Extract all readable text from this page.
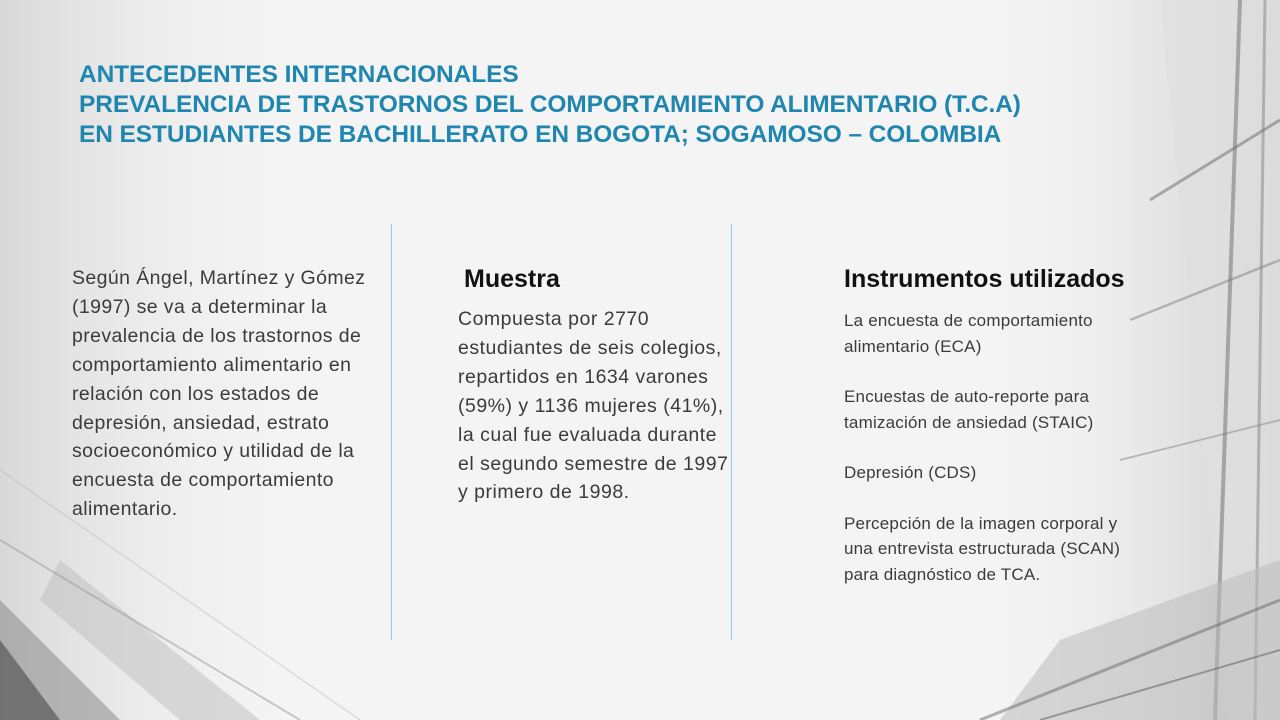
ANTECEDENTES INTERNACIONALES
PREVALENCIA DE TRASTORNOS DEL COMPORTAMIENTO ALIMENTARIO (T.C.A)
EN ESTUDIANTES DE BACHILLERATO EN BOGOTA; SOGAMOSO – COLOMBIA

Según Ángel, Martínez y Gómez (1997) se va a determinar la prevalencia de los trastornos de comportamiento alimentario en relación con los estados de depresión, ansiedad, estrato socioeconómico y utilidad de la encuesta de comportamiento alimentario.

Muestra

Compuesta por 2770 estudiantes de seis colegios, repartidos en 1634 varones (59%) y 1136 mujeres (41%), la cual fue evaluada durante el segundo semestre de 1997 y primero de 1998.

Instrumentos utilizados
La encuesta de comportamiento alimentario (ECA)
Encuestas de auto-reporte para tamización de ansiedad (STAIC)
Depresión (CDS)
Percepción de la imagen corporal y una entrevista estructurada (SCAN) para diagnóstico de TCA.
